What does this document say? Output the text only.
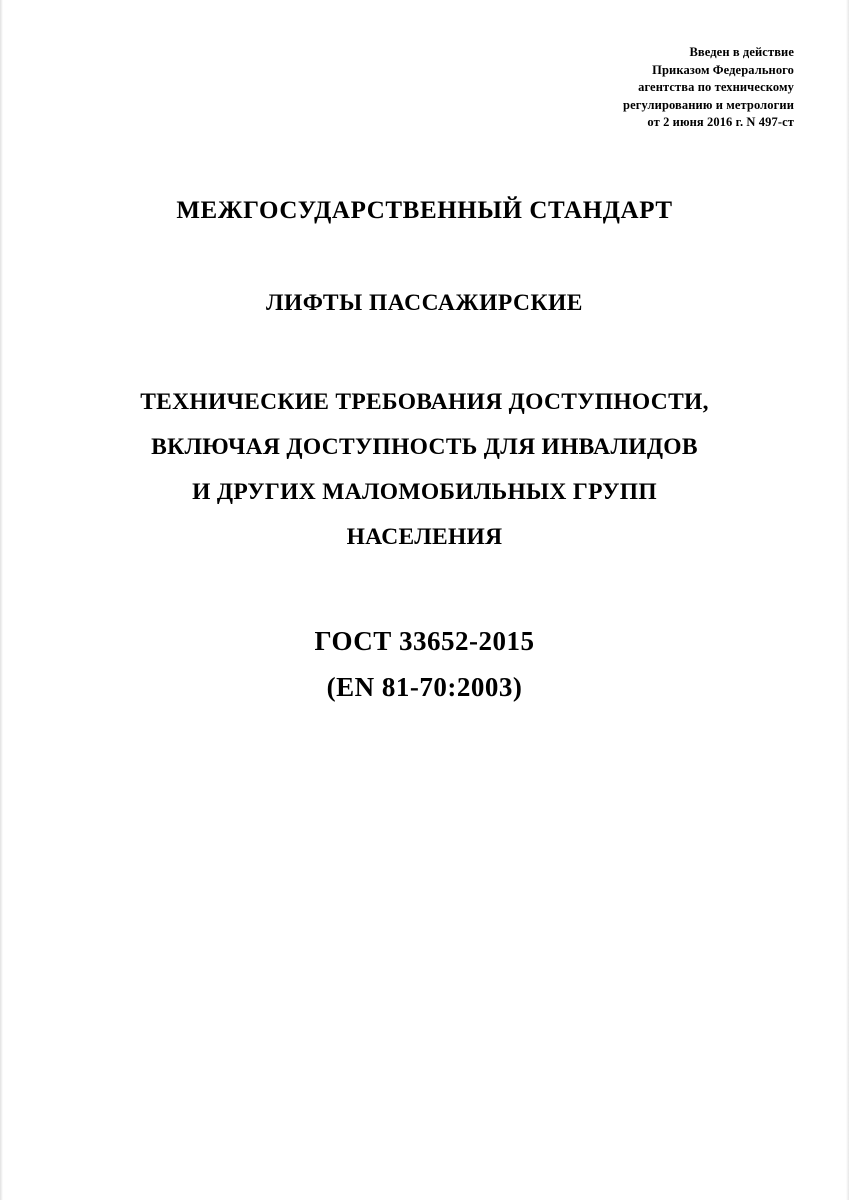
Введен в действие
Приказом Федерального
агентства по техническому
регулированию и метрологии
от 2 июня 2016 г. N 497-ст
МЕЖГОСУДАРСТВЕННЫЙ СТАНДАРТ
ЛИФТЫ ПАССАЖИРСКИЕ
ТЕХНИЧЕСКИЕ ТРЕБОВАНИЯ ДОСТУПНОСТИ,
ВКЛЮЧАЯ ДОСТУПНОСТЬ ДЛЯ ИНВАЛИДОВ
И ДРУГИХ МАЛОМОБИЛЬНЫХ ГРУПП
НАСЕЛЕНИЯ
ГОСТ 33652-2015
(EN 81-70:2003)
